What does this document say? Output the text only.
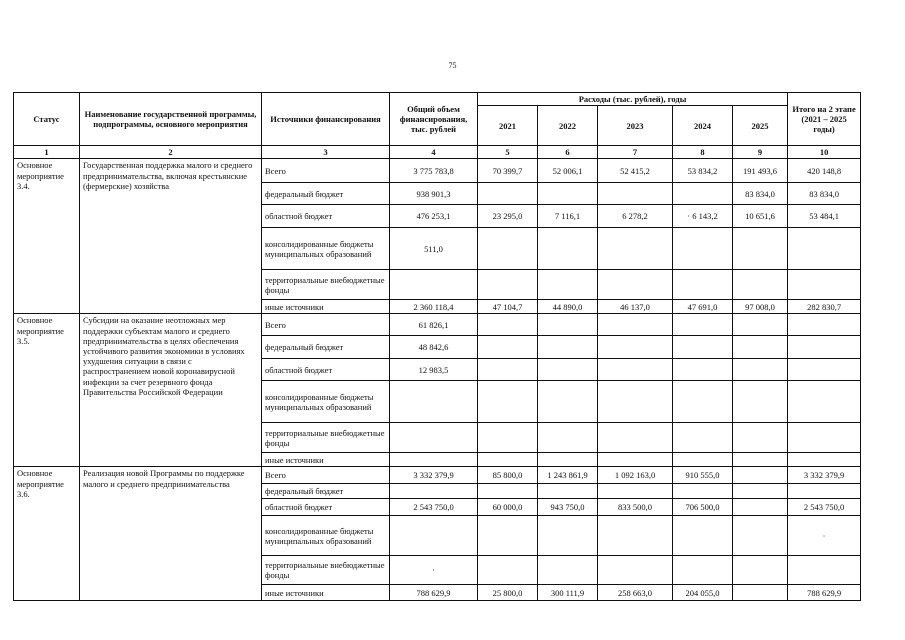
75
Статус	Наименование государственной программы, подпрограммы, основного мероприятия	Источники финансирования	Общий объем финансирования, тыс. рублей	Расходы (тыс. рублей), годы					Итого на 2 этапе (2021 – 2025 годы)
				2021	2022	2023	2024	2025	
1	2	3	4	5	6	7	8	9	10
Основное мероприятие 3.4.	Государственная поддержка малого и среднего предпринимательства, включая крестьянские (фермерские) хозяйства	Всего	3 775 783,8	70 399,7	52 006,1	52 415,2	53 834,2	191 493,6	420 148,8
		федеральный бюджет	938 901,3					83 834,0	83 834,0
		областной бюджет	476 253,1	23 295,0	7 116,1	6 278,2	· 6 143,2	10 651,6	53 484,1
		консолидированные бюджеты муниципальных образований	511,0						
		территориальные внебюджетные фонды							
		иные источники	2 360 118,4	47 104,7	44 890,0	46 137,0	47 691,0	97 008,0	282 830,7
Основное мероприятие 3.5.	Субсидии на оказание неотложных мер поддержки субъектам малого и среднего предпринимательства в целях обеспечения устойчивого развития экономики в условиях ухудшения ситуации в связи с распространением новой коронавирусной инфекции за счет резервного фонда Правительства Российской Федерации	Всего	61 826,1						
		федеральный бюджет	48 842,6						
		областной бюджет	12 983,5						
		консолидированные бюджеты муниципальных образований							
		территориальные внебюджетные фонды							
		иные источники							
Основное мероприятие 3.6.	Реализация новой Программы по поддержке малого и среднего предпринимательства	Всего	3 332 379,9	85 800,0	1 243 861,9	1 092 163,0	910 555,0		3 332 379,9
		федеральный бюджет							
		областной бюджет	2 543 750,0	60 000,0	943 750,0	833 500,0	706 500,0		2 543 750,0
		консолидированные бюджеты муниципальных образований							·
		территориальные внебюджетные фонды	·						
		иные источники	788 629,9	25 800,0	300 111,9	258 663,0	204 055,0		788 629,9
